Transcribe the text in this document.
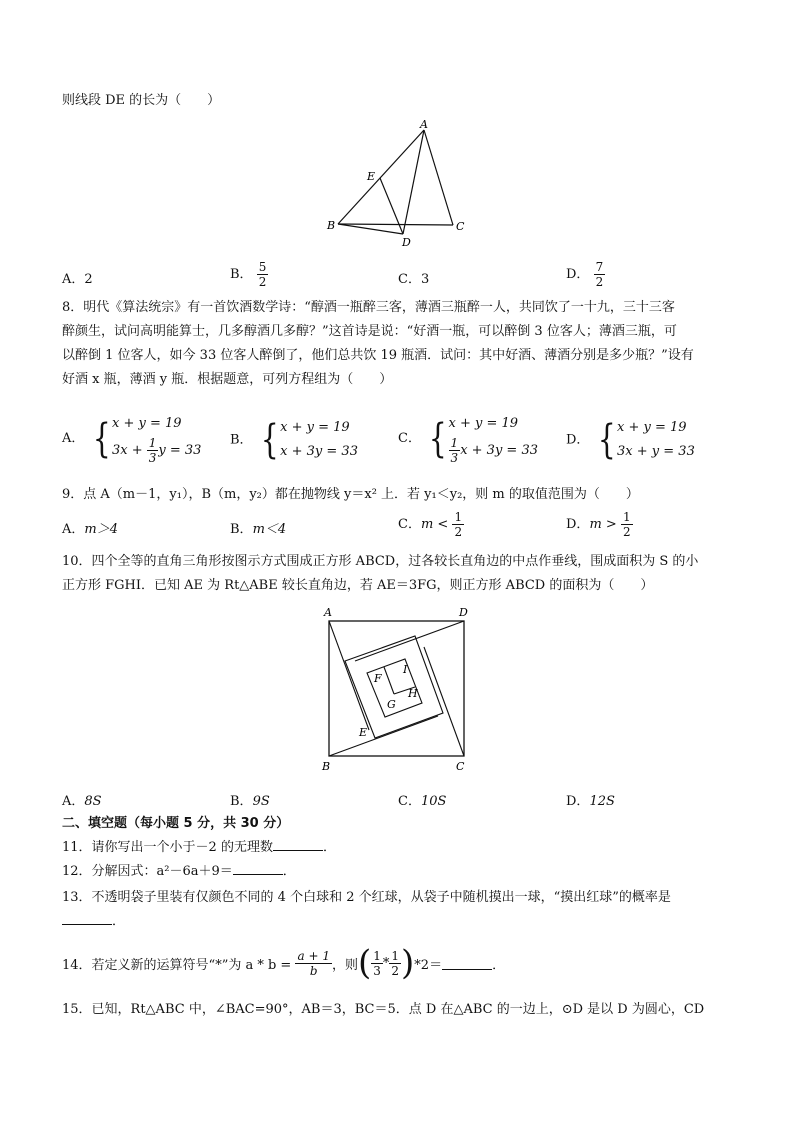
则线段 DE 的长为（　　）
A
B	C
D
E
A．2	B． $\frac{5}{2}$	C．3	D． $\frac{7}{2}$
8．明代《算法统宗》有一首饮酒数学诗：“醇酒一瓶醉三客，薄酒三瓶醉一人，共同饮了一十九，三十三客
醉颜生，试问高明能算士，几多醇酒几多醇？”这首诗是说：“好酒一瓶，可以醉倒 3 位客人；薄酒三瓶，可
以醉倒 1 位客人，如今 33 位客人醉倒了，他们总共饮 19 瓶酒．试问：其中好酒、薄酒分别是多少瓶？”设有
好酒 x 瓶，薄酒 y 瓶．根据题意，可列方程组为（　　）
A． { x + y = 19
$3x + \frac{1}{3}$ y = 33
B． { x + y = 19
x + 3y = 33
C． { x + y = 19
$\frac{1}{3}$ x + 3y = 33
D． { x + y = 19
3x + y = 33
9．点 A（m－1，y₁），B（m，y₂）都在抛物线 y＝x² 上．若 y₁＜y₂，则 m 的取值范围为（　　）
A．m＞4	B．m＜4	C．$m < \frac{1}{2}$	D．$m > \frac{1}{2}$
10．四个全等的直角三角形按图示方式围成正方形 ABCD，过各较长直角边的中点作垂线，围成面积为 S 的小
正方形 FGHI．已知 AE 为 Rt△ABE 较长直角边，若 AE＝3FG，则正方形 ABCD 的面积为（　　）
A	D
B	C
E
F
G
H
I
A．8S	B．9S	C．10S	D．12S
二、填空题（每小题 5 分，共 30 分）
11．请你写出一个小于－2 的无理数	．
12．分解因式：a²－6a＋9＝	．
13．不透明袋子里装有仅颜色不同的 4 个白球和 2 个红球，从袋子中随机摸出一球，“摸出红球”的概率是
．
14．若定义新的运算符号“*”为 a * b =
$\frac{a + 1}{b}$ ，则 ( $\frac{1}{3} * \frac{1}{2}$ ) *2＝	．
15．已知，Rt△ABC 中，∠BAC=90°，AB＝3，BC＝5．点 D 在△ABC 的一边上，⊙D 是以 D 为圆心，CD
